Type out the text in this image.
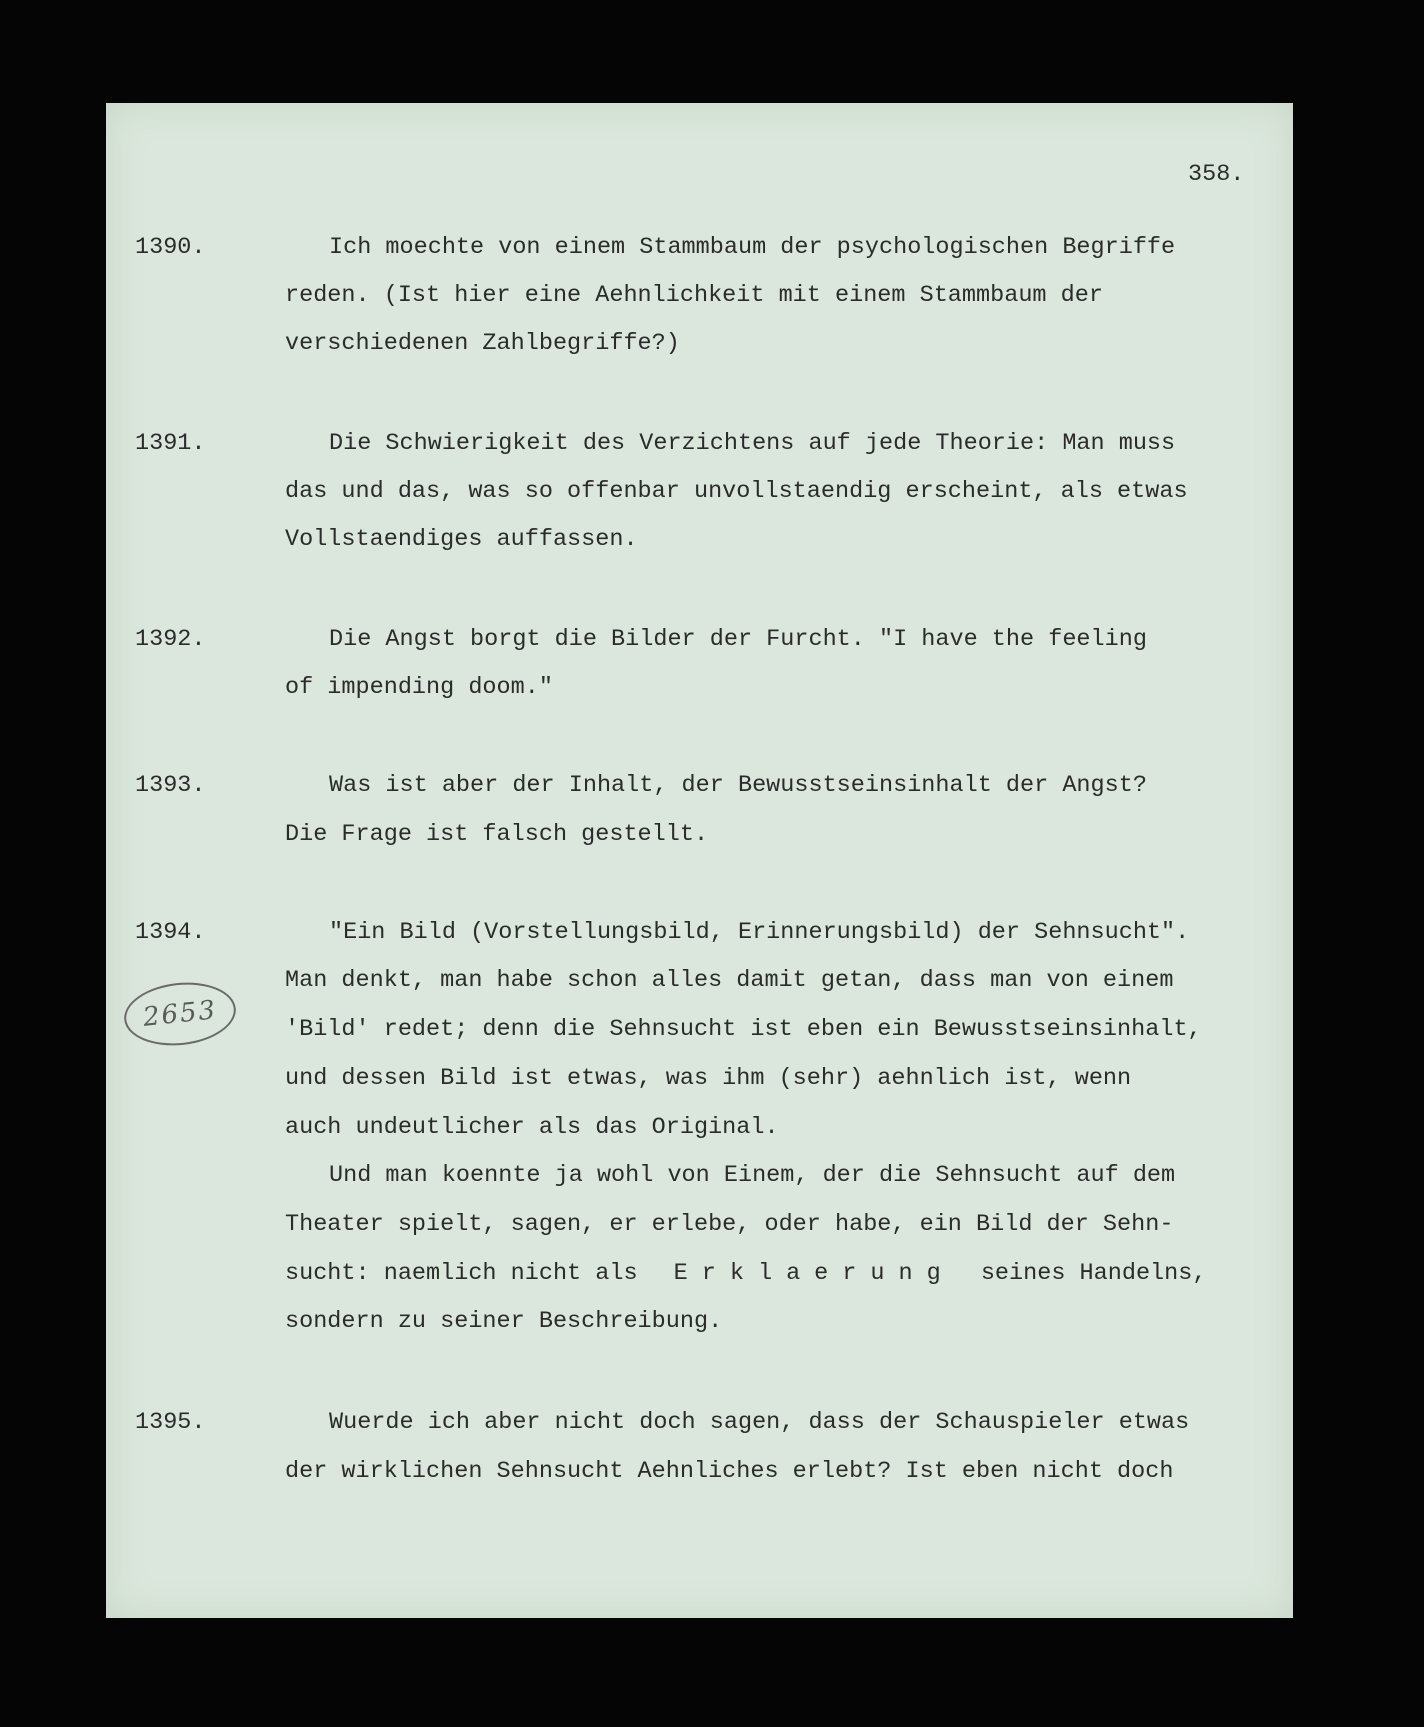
358.
1390.	Ich moechte von einem Stammbaum der psychologischen Begriffe
reden. (Ist hier eine Aehnlichkeit mit einem Stammbaum der
verschiedenen Zahlbegriffe?)
1391.	Die Schwierigkeit des Verzichtens auf jede Theorie: Man muss
das und das, was so offenbar unvollstaendig erscheint, als etwas
Vollstaendiges auffassen.
1392.	Die Angst borgt die Bilder der Furcht. "I have the feeling
of impending doom."
1393.	Was ist aber der Inhalt, der Bewusstseinsinhalt der Angst?
Die Frage ist falsch gestellt.
1394.
2653
"Ein Bild (Vorstellungsbild, Erinnerungsbild) der Sehnsucht".
Man denkt, man habe schon alles damit getan, dass man von einem
'Bild' redet; denn die Sehnsucht ist eben ein Bewusstseinsinhalt,
und dessen Bild ist etwas, was ihm (sehr) aehnlich ist, wenn
auch undeutlicher als das Original.
Und man koennte ja wohl von Einem, der die Sehnsucht auf dem
Theater spielt, sagen, er erlebe, oder habe, ein Bild der Sehn-
sucht: naemlich nicht als Erklaerung seines Handelns,
sondern zu seiner Beschreibung.
1395.	Wuerde ich aber nicht doch sagen, dass der Schauspieler etwas
der wirklichen Sehnsucht Aehnliches erlebt? Ist eben nicht doch
